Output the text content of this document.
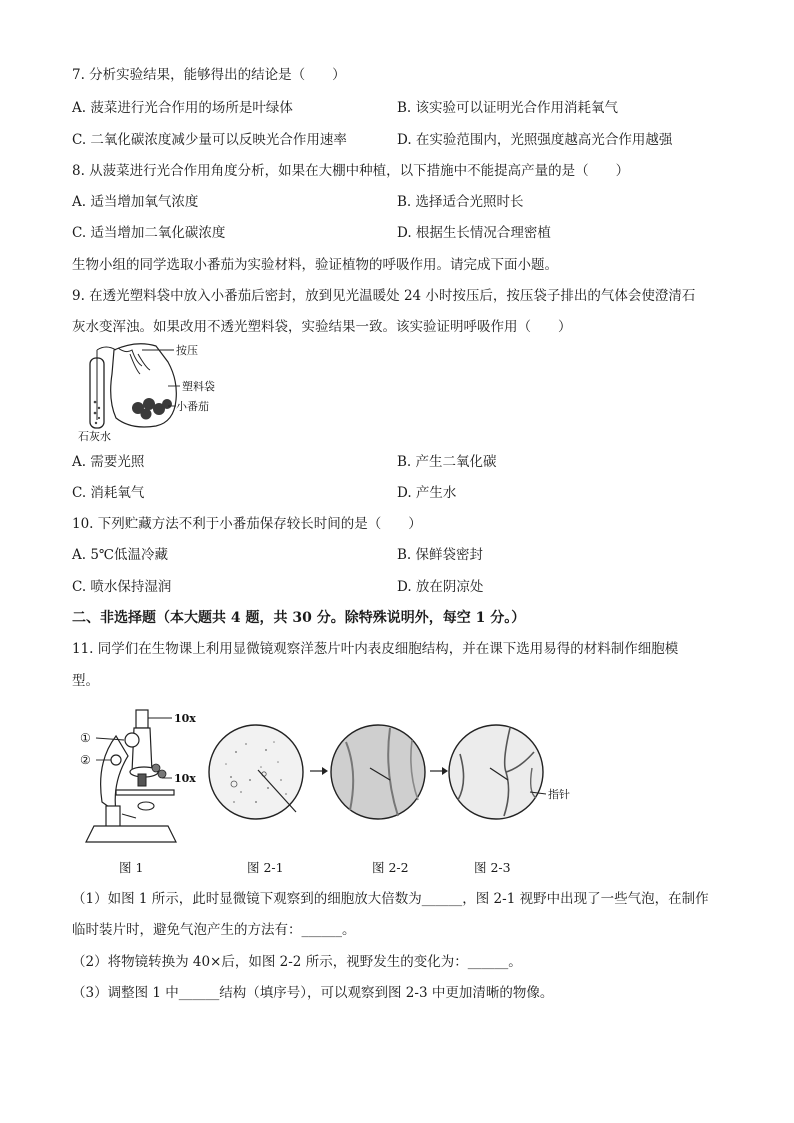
7. 分析实验结果，能够得出的结论是（　　）
A. 菠菜进行光合作用的场所是叶绿体	B. 该实验可以证明光合作用消耗氧气
C. 二氧化碳浓度减少量可以反映光合作用速率	D. 在实验范围内，光照强度越高光合作用越强
8. 从菠菜进行光合作用角度分析，如果在大棚中种植，以下措施中不能提高产量的是（　　）
A. 适当增加氧气浓度	B. 选择适合光照时长
C. 适当增加二氧化碳浓度	D. 根据生长情况合理密植
生物小组的同学选取小番茄为实验材料，验证植物的呼吸作用。请完成下面小题。
9. 在透光塑料袋中放入小番茄后密封，放到见光温暖处 24 小时按压后，按压袋子排出的气体会使澄清石
灰水变浑浊。如果改用不透光塑料袋，实验结果一致。该实验证明呼吸作用（　　）
按压
塑料袋
小番茄
石灰水
A. 需要光照	B. 产生二氧化碳
C. 消耗氧气	D. 产生水
10. 下列贮藏方法不利于小番茄保存较长时间的是（　　）
A. 5℃低温冷藏	B. 保鲜袋密封
C. 喷水保持湿润	D. 放在阴凉处
二、非选择题（本大题共 4 题，共 30 分。除特殊说明外，每空 1 分。）
11. 同学们在生物课上利用显微镜观察洋葱片叶内表皮细胞结构，并在课下选用易得的材料制作细胞模
型。
10x
①
②
10x
指针
图 1	图 2-1	图 2-2	图 2-3
（1）如图 1 所示，此时显微镜下观察到的细胞放大倍数为______，图 2-1 视野中出现了一些气泡，在制作
临时装片时，避免气泡产生的方法有：______。
（2）将物镜转换为 40×后，如图 2-2 所示，视野发生的变化为：______。
（3）调整图 1 中______结构（填序号），可以观察到图 2-3 中更加清晰的物像。
